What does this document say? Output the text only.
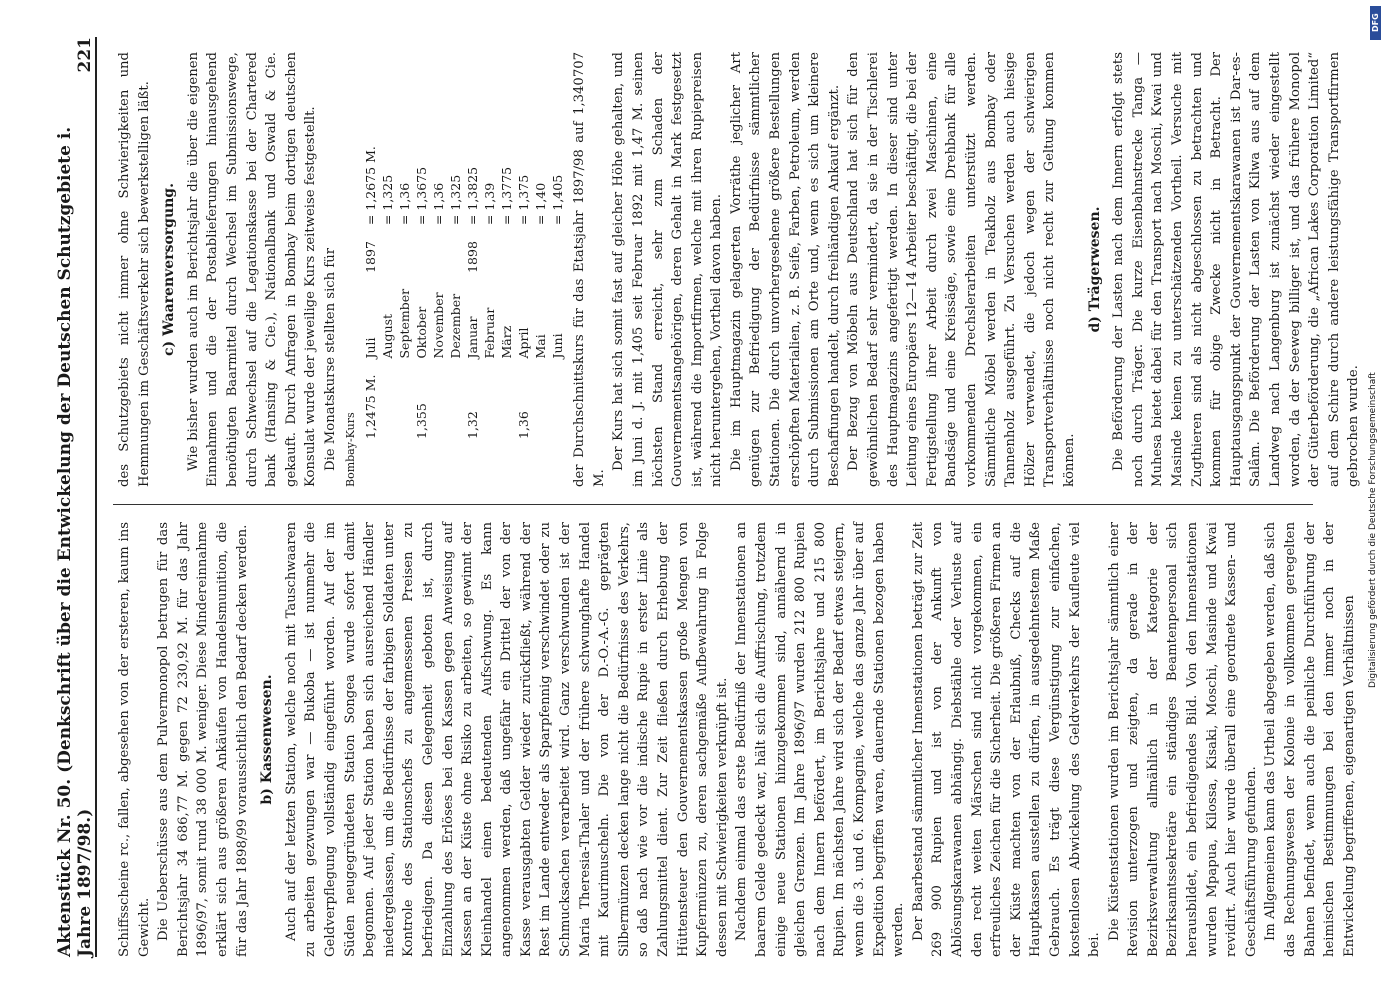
Aktenstück Nr. 50. (Denkschrift über die Entwickelung der Deutschen Schutzgebiete i. Jahre 1897/98.)
221

Schiffsscheine rc., fallen, abgesehen von der ersteren, kaum ins Gewicht. Die Ueberschüsse aus dem Pulvermonopol betrugen für das Berichtsjahr 34 686,77 M. gegen 72 230,92 M. für das Jahr 1896/97, somit rund 38 000 M. weniger. Diese Mindereinnahme erklärt sich aus größeren Ankäufen von Handelsmunition, die für das Jahr 1898/99 voraussichtlich den Bedarf decken werden. b) Kassenwesen. Auch auf der letzten Station, welche noch mit Tauschwaaren zu arbeiten gezwungen war — Bukoba — ist nunmehr die Geldverpflegung vollständig eingeführt worden. Auf der im Süden neugegründeten Station Songea wurde sofort damit begonnen. Auf jeder Station haben sich ausreichend Händler niedergelassen, um die Bedürfnisse der farbigen Soldaten unter Kontrole des Stationschefs zu angemessenen Preisen zu befriedigen. Da diesen Gelegenheit geboten ist, durch Einzahlung des Erlöses bei den Kassen gegen Anweisung auf Kassen an der Küste ohne Risiko zu arbeiten, so gewinnt der Kleinhandel einen bedeutenden Aufschwung. Es kann angenommen werden, daß ungefähr ein Drittel der von der Kasse verausgabten Gelder wieder zurückfließt, während der Rest im Lande entweder als Sparpfennig verschwindet oder zu Schmucksachen verarbeitet wird. Ganz verschwunden ist der Maria Theresia-Thaler und der frühere schwunghafte Handel mit Kaurimuscheln. Die von der D.-O.-A.-G. geprägten Silbermünzen decken lange nicht die Bedürfnisse des Verkehrs, so daß nach wie vor die indische Rupie in erster Linie als Zahlungsmittel dient. Zur Zeit fließen durch Erhebung der Hüttensteuer den Gouvernementskassen große Mengen von Kupfermünzen zu, deren sachgemäße Aufbewahrung in Folge dessen mit Schwierigkeiten verknüpft ist. Nachdem einmal das erste Bedürfniß der Innenstationen an baarem Gelde gedeckt war, hält sich die Auffrischung, trotzdem einige neue Stationen hinzugekommen sind, annähernd in gleichen Grenzen. Im Jahre 1896/97 wurden 212 800 Rupien nach dem Innern befördert, im Berichtsjahre und 215 800 Rupien. Im nächsten Jahre wird sich der Bedarf etwas steigern, wenn die 3. und 6. Kompagnie, welche das ganze Jahr über auf Expedition begriffen waren, dauernde Stationen bezogen haben werden. Der Baarbestand sämmtlicher Innenstationen beträgt zur Zeit 269 900 Rupien und ist von der Ankunft von Ablösungskarawanen abhängig. Diebstähle oder Verluste auf den recht weiten Märschen sind nicht vorgekommen, ein erfreuliches Zeichen für die Sicherheit. Die größeren Firmen an der Küste machten von der Erlaubniß, Checks auf die Hauptkassen ausstellen zu dürfen, in ausgedehntestem Maße Gebrauch. Es trägt diese Vergünstigung zur einfachen, kostenlosen Abwickelung des Geldverkehrs der Kaufleute viel bei.

Die Küstenstationen wurden im Berichtsjahr sämmtlich einer Revision unterzogen und zeigten, da gerade in der Bezirksverwaltung allmählich in der Kategorie der Bezirksamtssekretäre ein ständiges Beamtenpersonal sich herausbildet, ein befriedigendes Bild. Von den Innenstationen wurden Mpapua, Kilossa, Kisaki, Moschi, Masinde und Kwai revidirt. Auch hier wurde überall eine geordnete Kassen- und Geschäftsführung gefunden. Im Allgemeinen kann das Urtheil abgegeben werden, daß sich das Rechnungswesen der Kolonie in vollkommen geregelten Bahnen befindet, wenn auch die peinliche Durchführung der heimischen Bestimmungen bei den immer noch in der Entwickelung begriffenen, eigenartigen Verhältnissen

des Schutzgebiets nicht immer ohne Schwierigkeiten und Hemmungen im Geschäftsverkehr sich bewerkstelligen läßt. c) Waarenversorgung. Wie bisher wurden auch im Berichtsjahr die über die eigenen Einnahmen und die der Postablieferungen hinausgehend benöthigten Baarmittel durch Wechsel im Submissionswege, durch Schwechsel auf die Legationskasse bei der Chartered bank (Hansing & Cie.), Nationalbank und Oswald & Cie. gekauft. Durch Anfragen in Bombay beim dortigen deutschen Konsulat wurde der jeweilige Kurs zeitweise festgestellt. Die Monatskurse stellten sich für Bombay-Kurs
1,2475 M.	Juli	1897	= 1,2675 M.
	August		= 1,325
	September		= 1,36
1,355	Oktober		= 1,3675
	November		= 1,36
	Dezember		= 1,325
1,32	Januar	1898	= 1,3825
	Februar		= 1,39
	März		= 1,3775
1,36	April		= 1,375
	Mai		= 1,40
	Juni		= 1,405 der Durchschnittskurs für das Etatsjahr 1897/98 auf 1,340707 M.

Der Kurs hat sich somit fast auf gleicher Höhe gehalten, und im Juni d. J. mit 1,405 seit Februar 1892 mit 1,47 M. seinen höchsten Stand erreicht, sehr zum Schaden der Gouvernementsangehörigen, deren Gehalt in Mark festgesetzt ist, während die Importfirmen, welche mit ihren Rupiepreisen nicht heruntergehen, Vortheil davon haben. Die im Hauptmagazin gelagerten Vorräthe jeglicher Art genügen zur Befriedigung der Bedürfnisse sämmtlicher Stationen. Die durch unvorhergesehene größere Bestellungen erschöpften Materialien, z. B. Seife, Farben, Petroleum, werden durch Submissionen am Orte und, wenn es sich um kleinere Beschaffungen handelt, durch freihändigen Ankauf ergänzt. Der Bezug von Möbeln aus Deutschland hat sich für den gewöhnlichen Bedarf sehr vermindert, da sie in der Tischlerei des Hauptmagazins angefertigt werden. In dieser sind unter Leitung eines Europäers 12—14 Arbeiter beschäftigt, die bei der Fertigstellung ihrer Arbeit durch zwei Maschinen, eine Bandsäge und eine Kreissäge, sowie eine Drehbank für alle vorkommenden Drechslerarbeiten unterstützt werden. Sämmtliche Möbel werden in Teakholz aus Bombay oder Tannenholz ausgeführt. Zu Versuchen werden auch hiesige Hölzer verwendet, die jedoch wegen der schwierigen Transportverhältnisse noch nicht recht zur Geltung kommen können.

d) Trägerwesen. Die Beförderung der Lasten nach dem Innern erfolgt stets noch durch Träger. Die kurze Eisenbahnstrecke Tanga —Muhesa bietet dabei für den Transport nach Moschi, Kwai und Masinde keinen zu unterschätzenden Vortheil. Versuche mit Zugthieren sind als nicht abgeschlossen zu betrachten und kommen für obige Zwecke nicht in Betracht. Der Hauptausgangspunkt der Gouvernementskarawanen ist Dar-es-Salâm. Die Beförderung der Lasten von Kilwa aus auf dem Landweg nach Langenburg ist zunächst wieder eingestellt worden, da der Seeweg billiger ist, und das frühere Monopol der Güterbeförderung, die „African Lakes Corporation Limited“ auf dem Schire durch andere leistungsfähige Transportfirmen gebrochen wurde.

DFG
Digitalisierung gefördert durch die Deutsche Forschungsgemeinschaft
